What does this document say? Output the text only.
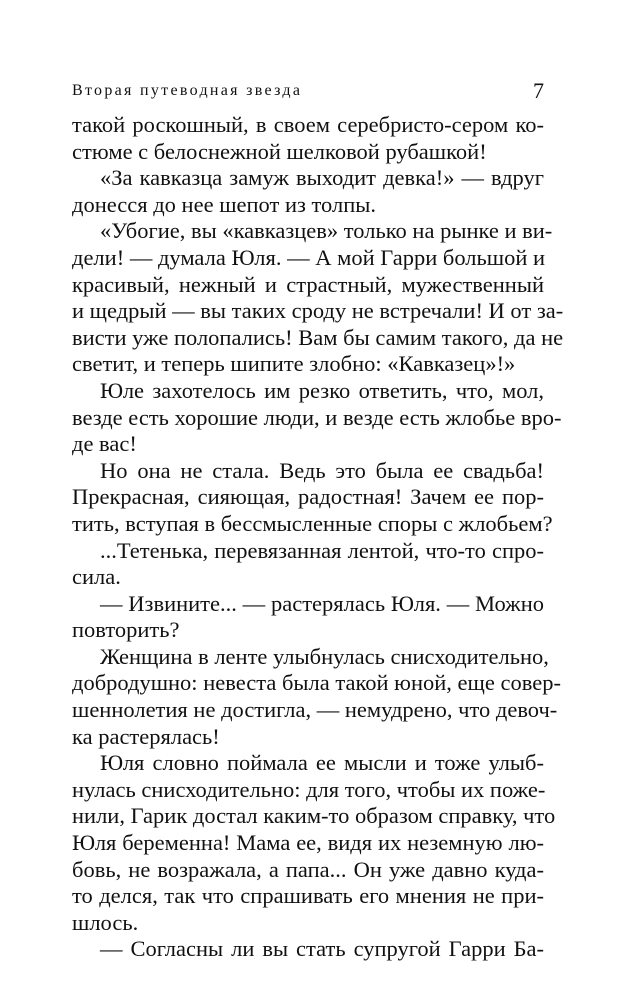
Вторая путеводная звезда	7

такой роскошный, в своем серебристо-сером ко-

стюме с белоснежной шелковой рубашкой!

«За кавказца замуж выходит девка!» — вдруг

донесся до нее шепот из толпы.

«Убогие, вы «кавказцев» только на рынке и ви-

дели! — думала Юля. — А мой Гарри большой и

красивый, нежный и страстный, мужественный

и щедрый — вы таких сроду не встречали! И от за-

висти уже полопались! Вам бы самим такого, да не

светит, и теперь шипите злобно: «Кавказец»!»

Юле захотелось им резко ответить, что, мол,

везде есть хорошие люди, и везде есть жлобье вро-

де вас!

Но она не стала. Ведь это была ее свадьба!

Прекрасная, сияющая, радостная! Зачем ее пор-

тить, вступая в бессмысленные споры с жлобьем?

...Тетенька, перевязанная лентой, что-то спро-

сила.

— Извините... — растерялась Юля. — Можно

повторить?

Женщина в ленте улыбнулась снисходительно,

добродушно: невеста была такой юной, еще совер-

шеннолетия не достигла, — немудрено, что девоч-

ка растерялась!

Юля словно поймала ее мысли и тоже улыб-

нулась снисходительно: для того, чтобы их поже-

нили, Гарик достал каким-то образом справку, что

Юля беременна! Мама ее, видя их неземную лю-

бовь, не возражала, а папа... Он уже давно куда-

то делся, так что спрашивать его мнения не при-

шлось.

— Согласны ли вы стать супругой Гарри Ба-
